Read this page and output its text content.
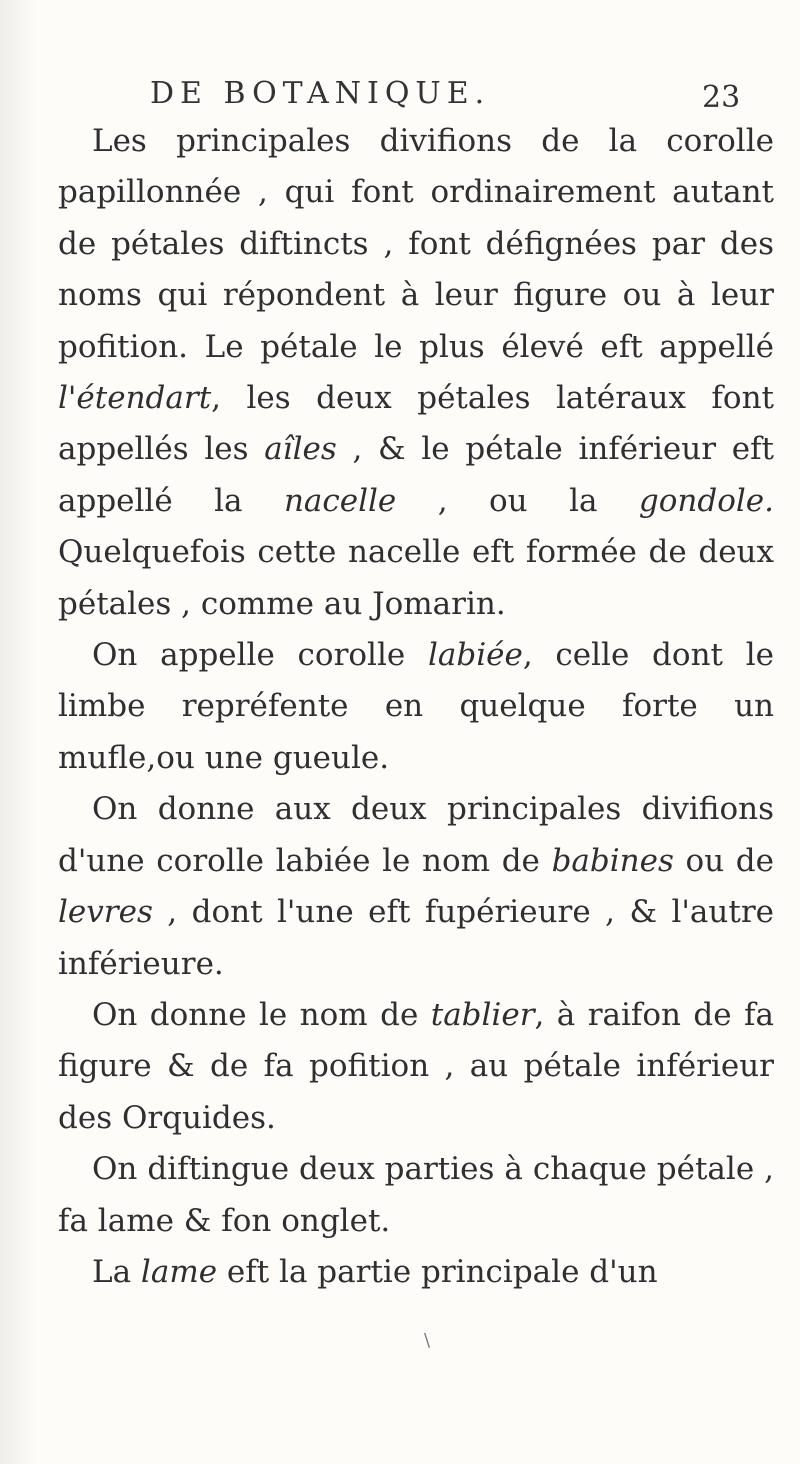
DE BOTANIQUE.	23

Les principales divifions de la corolle papillonnée , qui font ordinairement autant de pétales diftincts , font défignées par des noms qui répondent à leur figure ou à leur pofition. Le pétale le plus élevé eft appellé l'étendart, les deux pétales latéraux font appellés les aîles , & le pétale inférieur eft appellé la nacelle , ou la gondole. Quelquefois cette nacelle eft formée de deux pétales , comme au Jomarin.

On appelle corolle labiée, celle dont le limbe repréfente en quelque forte un mufle,ou une gueule.

On donne aux deux principales divifions d'une corolle labiée le nom de babines ou de levres , dont l'une eft fupérieure , & l'autre inférieure.

On donne le nom de tablier, à raifon de fa figure & de fa pofition , au pétale inférieur des Orquides.

On diftingue deux parties à chaque pétale , fa lame & fon onglet.

La lame eft la partie principale d'un

\
